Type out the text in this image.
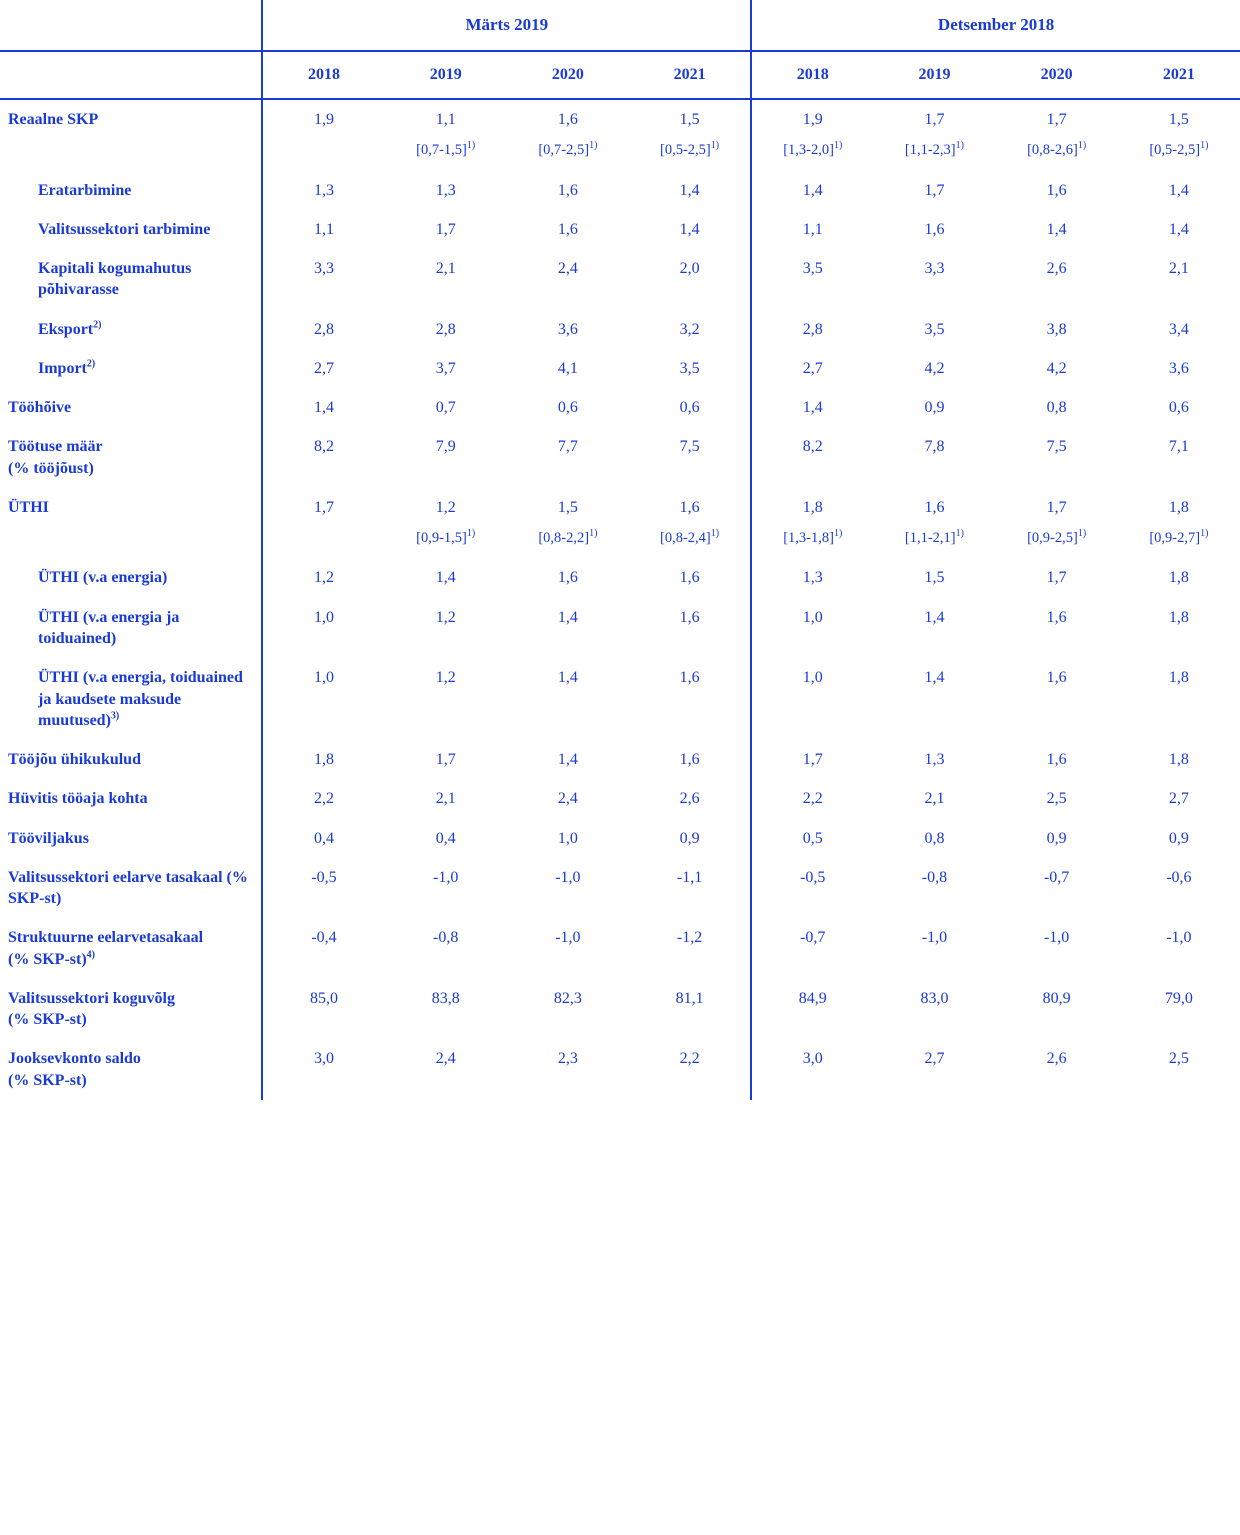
	Märts 2019				Detsember 2018			
	2018	2019	2020	2021	2018	2019	2020	2021
Reaalne SKP	1,9	1,1	1,6	1,5	1,9	1,7	1,7	1,5
		[0,7‑1,5]$^{1)}$	[0,7‑2,5]$^{1)}$	[0,5‑2,5]$^{1)}$	[1,3‑2,0]$^{1)}$	[1,1‑2,3]$^{1)}$	[0,8‑2,6]$^{1)}$	[0,5‑2,5]$^{1)}$
Eratarbimine	1,3	1,3	1,6	1,4	1,4	1,7	1,6	1,4
Valitsussektori tarbimine	1,1	1,7	1,6	1,4	1,1	1,6	1,4	1,4
Kapitali kogumahutus põhivarasse	3,3	2,1	2,4	2,0	3,5	3,3	2,6	2,1
Eksport$^{2)}$	2,8	2,8	3,6	3,2	2,8	3,5	3,8	3,4
Import$^{2)}$	2,7	3,7	4,1	3,5	2,7	4,2	4,2	3,6
Tööhõive	1,4	0,7	0,6	0,6	1,4	0,9	0,8	0,6
Töötuse määr
(% tööjõust)	8,2	7,9	7,7	7,5	8,2	7,8	7,5	7,1
ÜTHI	1,7	1,2	1,5	1,6	1,8	1,6	1,7	1,8
		[0,9‑1,5]$^{1)}$	[0,8‑2,2]$^{1)}$	[0,8‑2,4]$^{1)}$	[1,3‑1,8]$^{1)}$	[1,1‑2,1]$^{1)}$	[0,9‑2,5]$^{1)}$	[0,9‑2,7]$^{1)}$
ÜTHI (v.a energia)	1,2	1,4	1,6	1,6	1,3	1,5	1,7	1,8
ÜTHI (v.a energia ja toiduained)	1,0	1,2	1,4	1,6	1,0	1,4	1,6	1,8
ÜTHI (v.a energia, toiduained ja kaudsete maksude muutused)$^{3)}$	1,0	1,2	1,4	1,6	1,0	1,4	1,6	1,8
Tööjõu ühikukulud	1,8	1,7	1,4	1,6	1,7	1,3	1,6	1,8
Hüvitis tööaja kohta	2,2	2,1	2,4	2,6	2,2	2,1	2,5	2,7
Tööviljakus	0,4	0,4	1,0	0,9	0,5	0,8	0,9	0,9
Valitsussektori eelarve tasakaal (% SKP-st)	-0,5	-1,0	-1,0	-1,1	-0,5	-0,8	-0,7	-0,6
Struktuurne eelarvetasakaal
(% SKP-st)$^{4)}$	-0,4	-0,8	-1,0	-1,2	-0,7	-1,0	-1,0	-1,0
Valitsussektori koguvõlg
(% SKP-st)	85,0	83,8	82,3	81,1	84,9	83,0	80,9	79,0
Jooksevkonto saldo
(% SKP-st)	3,0	2,4	2,3	2,2	3,0	2,7	2,6	2,5
